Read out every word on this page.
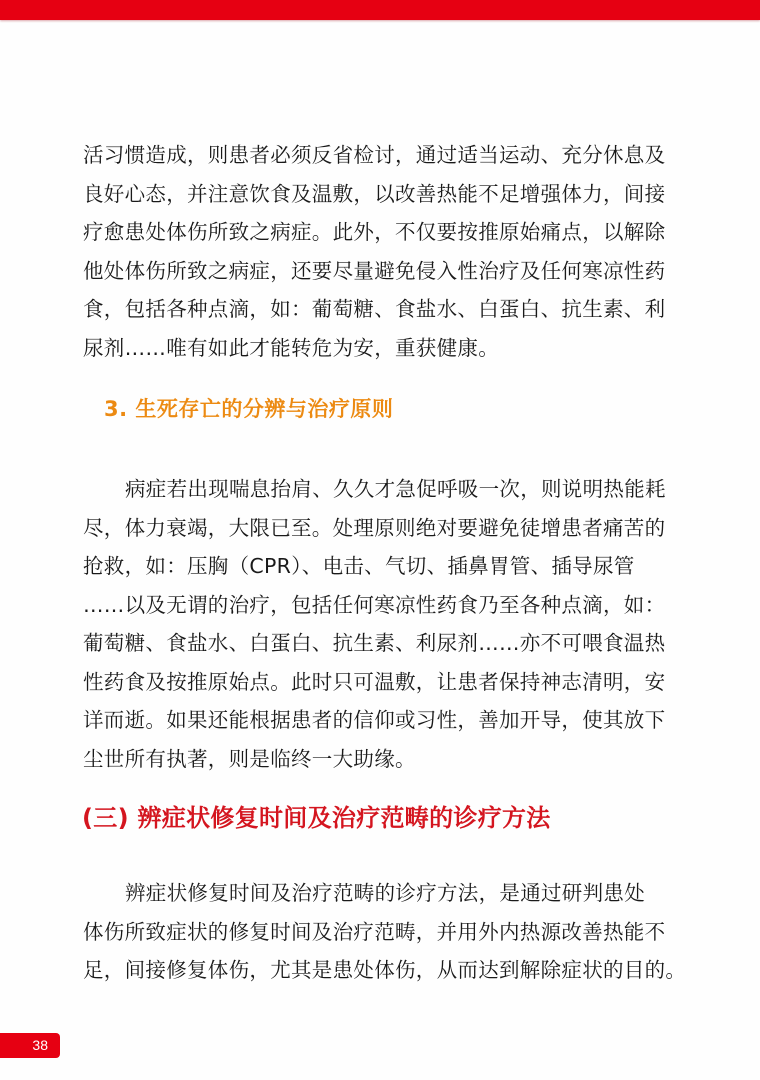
活习惯造成，则患者必须反省检讨，通过适当运动、充分休息及
良好心态，并注意饮食及温敷，以改善热能不足增强体力，间接
疗愈患处体伤所致之病症。此外，不仅要按推原始痛点，以解除
他处体伤所致之病症，还要尽量避免侵入性治疗及任何寒凉性药
食，包括各种点滴，如：葡萄糖、食盐水、白蛋白、抗生素、利
尿剂……唯有如此才能转危为安，重获健康。

3. 生死存亡的分辨与治疗原则

病症若出现喘息抬肩、久久才急促呼吸一次，则说明热能耗
尽，体力衰竭，大限已至。处理原则绝对要避免徒增患者痛苦的
抢救，如：压胸（CPR）、电击、气切、插鼻胃管、插导尿管
……以及无谓的治疗，包括任何寒凉性药食乃至各种点滴，如：
葡萄糖、食盐水、白蛋白、抗生素、利尿剂……亦不可喂食温热
性药食及按推原始点。此时只可温敷，让患者保持神志清明，安
详而逝。如果还能根据患者的信仰或习性，善加开导，使其放下
尘世所有执著，则是临终一大助缘。

(三) 辨症状修复时间及治疗范畴的诊疗方法

辨症状修复时间及治疗范畴的诊疗方法，是通过研判患处
体伤所致症状的修复时间及治疗范畴，并用外内热源改善热能不
足，间接修复体伤，尤其是患处体伤，从而达到解除症状的目的。

38
